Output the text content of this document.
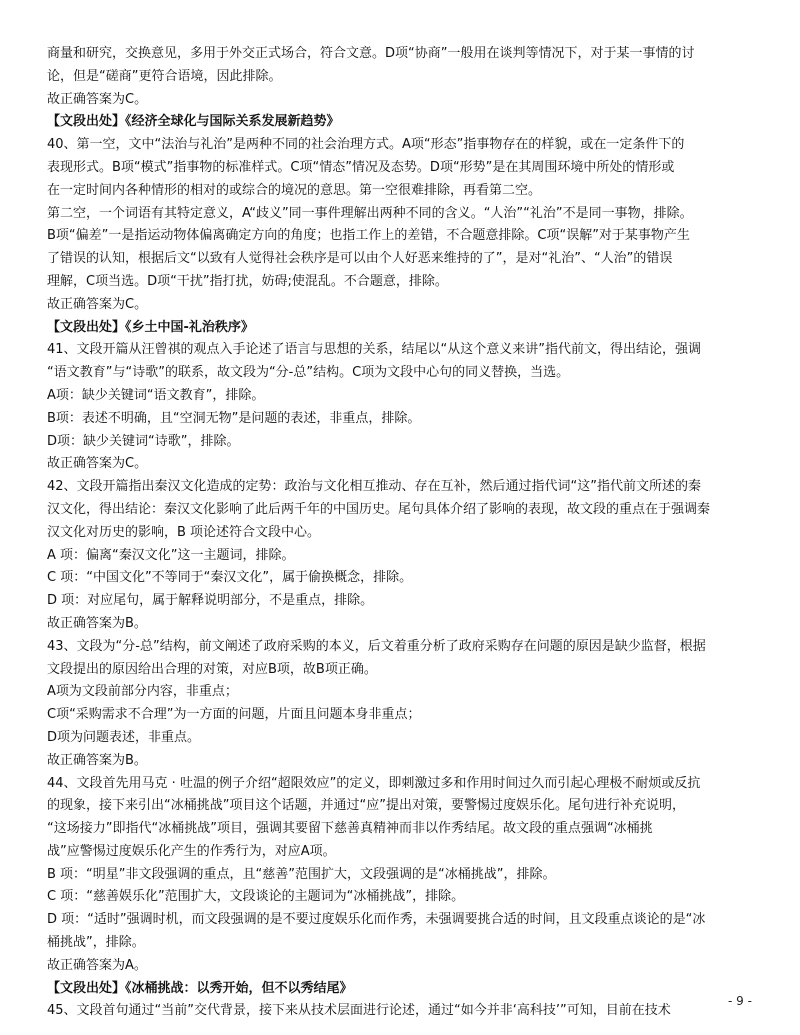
商量和研究，交换意见，多用于外交正式场合，符合文意。D项“协商”一般用在谈判等情况下，对于某一事情的讨
论，但是“磋商”更符合语境，因此排除。
故正确答案为C。
【文段出处】《经济全球化与国际关系发展新趋势》
40、第一空，文中“法治与礼治”是两种不同的社会治理方式。A项“形态”指事物存在的样貌，或在一定条件下的
表现形式。B项“模式”指事物的标准样式。C项“情态”情况及态势。D项“形势”是在其周围环境中所处的情形或
在一定时间内各种情形的相对的或综合的境况的意思。第一空很难排除，再看第二空。
第二空，一个词语有其特定意义，A“歧义”同一事件理解出两种不同的含义。“人治”“礼治”不是同一事物，排除。
B项“偏差”一是指运动物体偏离确定方向的角度；也指工作上的差错，不合题意排除。C项“误解”对于某事物产生
了错误的认知，根据后文“以致有人觉得社会秩序是可以由个人好恶来维持的了”，是对“礼治”、“人治”的错误
理解，C项当选。D项“干扰”指打扰，妨碍;使混乱。不合题意，排除。
故正确答案为C。
【文段出处】《乡土中国-礼治秩序》
41、文段开篇从汪曾祺的观点入手论述了语言与思想的关系，结尾以“从这个意义来讲”指代前文，得出结论，强调
“语文教育”与“诗歌”的联系，故文段为“分-总”结构。C项为文段中心句的同义替换，当选。
A项：缺少关键词“语文教育”，排除。
B项：表述不明确，且“空洞无物”是问题的表述，非重点，排除。
D项：缺少关键词“诗歌”，排除。
故正确答案为C。
42、文段开篇指出秦汉文化造成的定势：政治与文化相互推动、存在互补，然后通过指代词“这”指代前文所述的秦
汉文化，得出结论：秦汉文化影响了此后两千年的中国历史。尾句具体介绍了影响的表现，故文段的重点在于强调秦
汉文化对历史的影响，B 项论述符合文段中心。
A 项：偏离“秦汉文化”这一主题词，排除。
C 项：“中国文化”不等同于“秦汉文化”，属于偷换概念，排除。
D 项：对应尾句，属于解释说明部分，不是重点，排除。
故正确答案为B。
43、文段为“分-总”结构，前文阐述了政府采购的本义，后文着重分析了政府采购存在问题的原因是缺少监督，根据
文段提出的原因给出合理的对策，对应B项，故B项正确。
A项为文段前部分内容，非重点；
C项“采购需求不合理”为一方面的问题，片面且问题本身非重点；
D项为问题表述，非重点。
故正确答案为B。
44、文段首先用马克 · 吐温的例子介绍“超限效应”的定义，即刺激过多和作用时间过久而引起心理极不耐烦或反抗
的现象，接下来引出“冰桶挑战”项目这个话题，并通过“应”提出对策，要警惕过度娱乐化。尾句进行补充说明，
“这场接力”即指代“冰桶挑战”项目，强调其要留下慈善真精神而非以作秀结尾。故文段的重点强调“冰桶挑
战”应警惕过度娱乐化产生的作秀行为，对应A项。
B 项：“明星”非文段强调的重点，且“慈善”范围扩大，文段强调的是“冰桶挑战”，排除。
C 项：“慈善娱乐化”范围扩大，文段谈论的主题词为“冰桶挑战”，排除。
D 项：“适时”强调时机，而文段强调的是不要过度娱乐化而作秀，未强调要挑合适的时间，且文段重点谈论的是“冰
桶挑战”，排除。
故正确答案为A。
【文段出处】《冰桶挑战：以秀开始，但不以秀结尾》
45、文段首句通过“当前”交代背景，接下来从技术层面进行论述，通过“如今并非‘高科技’”可知，目前在技术
- 9 -
